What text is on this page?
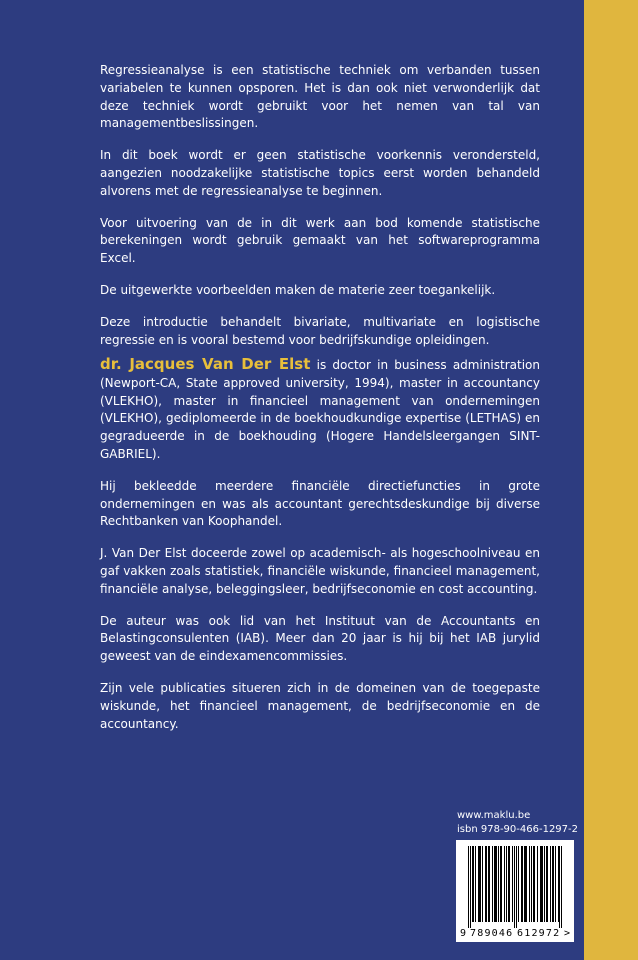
Regressieanalyse is een statistische techniek om verbanden tussen variabelen te kunnen opsporen. Het is dan ook niet verwonderlijk dat deze techniek wordt gebruikt voor het nemen van tal van managementbeslissingen.

In dit boek wordt er geen statistische voorkennis verondersteld, aangezien noodzakelijke statistische topics eerst worden behandeld alvorens met de regressieanalyse te beginnen.

Voor uitvoering van de in dit werk aan bod komende statistische berekeningen wordt gebruik gemaakt van het softwareprogramma Excel.

De uitgewerkte voorbeelden maken de materie zeer toegankelijk.

Deze introductie behandelt bivariate, multivariate en logistische regressie en is vooral bestemd voor bedrijfskundige opleidingen.

dr. Jacques Van Der Elst is doctor in business administration (Newport-CA, State approved university, 1994), master in accountancy (VLEKHO), master in financieel management van ondernemingen (VLEKHO), gediplomeerde in de boekhoudkundige expertise (LETHAS) en gegradueerde in de boekhouding (Hogere Handelsleergangen SINT-GABRIEL).

Hij bekleedde meerdere financiële directiefuncties in grote ondernemingen en was als accountant gerechtsdeskundige bij diverse Rechtbanken van Koophandel.

J. Van Der Elst doceerde zowel op academisch- als hogeschoolniveau en gaf vakken zoals statistiek, financiële wiskunde, financieel management, financiële analyse, beleggingsleer, bedrijfseconomie en cost accounting.

De auteur was ook lid van het Instituut van de Accountants en Belastingconsulenten (IAB). Meer dan 20 jaar is hij bij het IAB jurylid geweest van de eindexamencommissies.

Zijn vele publicaties situeren zich in de domeinen van de toegepaste wiskunde, het financieel management, de bedrijfseconomie en de accountancy.

www.maklu.be
isbn 978-90-466-1297-2
9 789046 612972 >
